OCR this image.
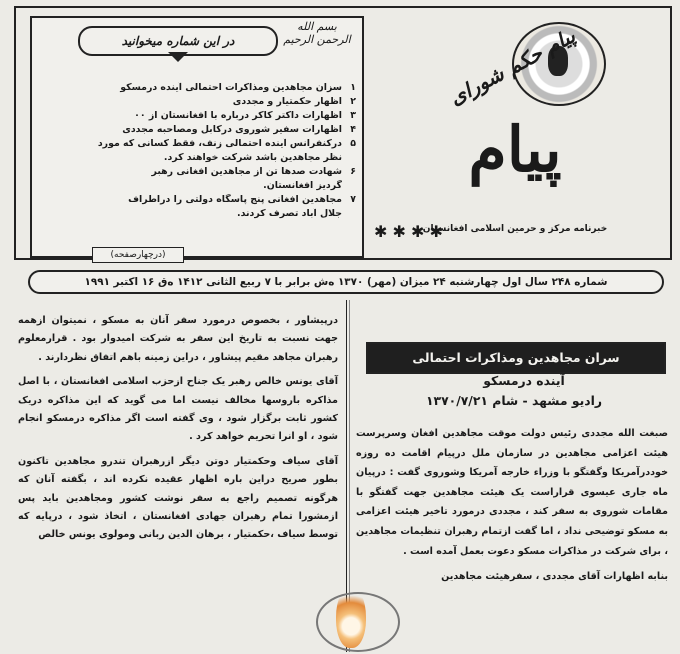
بسم الله الرحمن الرحیم
در این شماره میخوانید
۱سزان مجاهدین ومذاکرات احتمالی آینده درمسکو
۲اظهار حکمتیار و مجددی
۳اظهارات داکتر کاکر درباره با افغانستان از ۰۰
۴اظهارات سفیر شوروی درکابل ومصاحبه مجددی
۵درکنفرانس آینده احتمالی زنف، فقط کسانی که مورد
نظر مجاهدین باشد شرکت خواهند کرد.
۶شهادت صدها تن از مجاهدین افغانی رهبر
گردیز افغانستان.
۷مجاهدین افغانی پنج پاسگاه دولتی را دراطراف
جلال آباد تصرف کردند.
(درچهارصفحه)
پیام حکم شورای
پیام
خبرنامه مرکز و حرمین اسلامی افغانستان
✱ ✱ ✱ ✱
شماره ۲۴۸ سال اول چهارشنبه ۲۴ میزان (مهر) ۱۳۷۰ ه‌ش برابر با ۷ ربیع الثانی ۱۴۱۲ ه‌ق ۱۶ اکتبر ۱۹۹۱

درپیشاور ، بخصوص درمورد سفر آنان به مسکو ، نمیتوان ازهمه جهت نسبت به تاریخ این سفر به شرکت امیدوار بود . قرارمعلوم رهبران مجاهد مقیم پیشاور ، دراین زمینه باهم اتفاق نظردارند .

آقای یونس خالص رهبر یک جناح ازحزب اسلامی افغانستان ، با اصل مذاکره باروسها مخالف نیست اما می گوید که این مذاکره دریک کشور ثابت برگزار شود ، وی گفته است اگر مذاکره درمسکو انجام شود ، او انرا تحریم خواهد کرد .

آقای سیاف وحکمتیار دوتن دیگر ازرهبران تندرو مجاهدین تاکنون بطور صریح دراین باره اظهار عقیده نکرده اند ، بگفته آنان که هرگونه تصمیم راجع به سفر نوشت کشور ومجاهدین باید پس ازمشورا تمام رهبران جهادی افغانستان ، اتخاذ شود ، درپایه که توسط سیاف ،حکمتیار ، برهان الدین ربانی ومولوی یونس خالص

سران مجاهدین ومذاکرات احتمالی
آینده درمسکو
رادیو مشهد - شام ۱۳۷۰/۷/۲۱

صبغت الله مجددی رئیس دولت موقت مجاهدین افغان وسرپرست هیئت اعزامی مجاهدین در سازمان ملل درپیام اقامت ده روزه خوددرآمریکا وگفتگو با وزراء خارجه آمریکا وشوروی گفت : درپیان ماه جاری عیسوی قراراست یک هیئت مجاهدین جهت گفتگو با مقامات شوروی به سفر کند ، مجددی درمورد تاخیر هیئت اعزامی به مسکو توضیحی نداد ، اما گفت ازتمام رهبران تنظیمات مجاهدین ، برای شرکت در مذاکرات مسکو دعوت بعمل آمده است .

بنابه اظهارات آقای مجددی ، سفرهیئت مجاهدین
